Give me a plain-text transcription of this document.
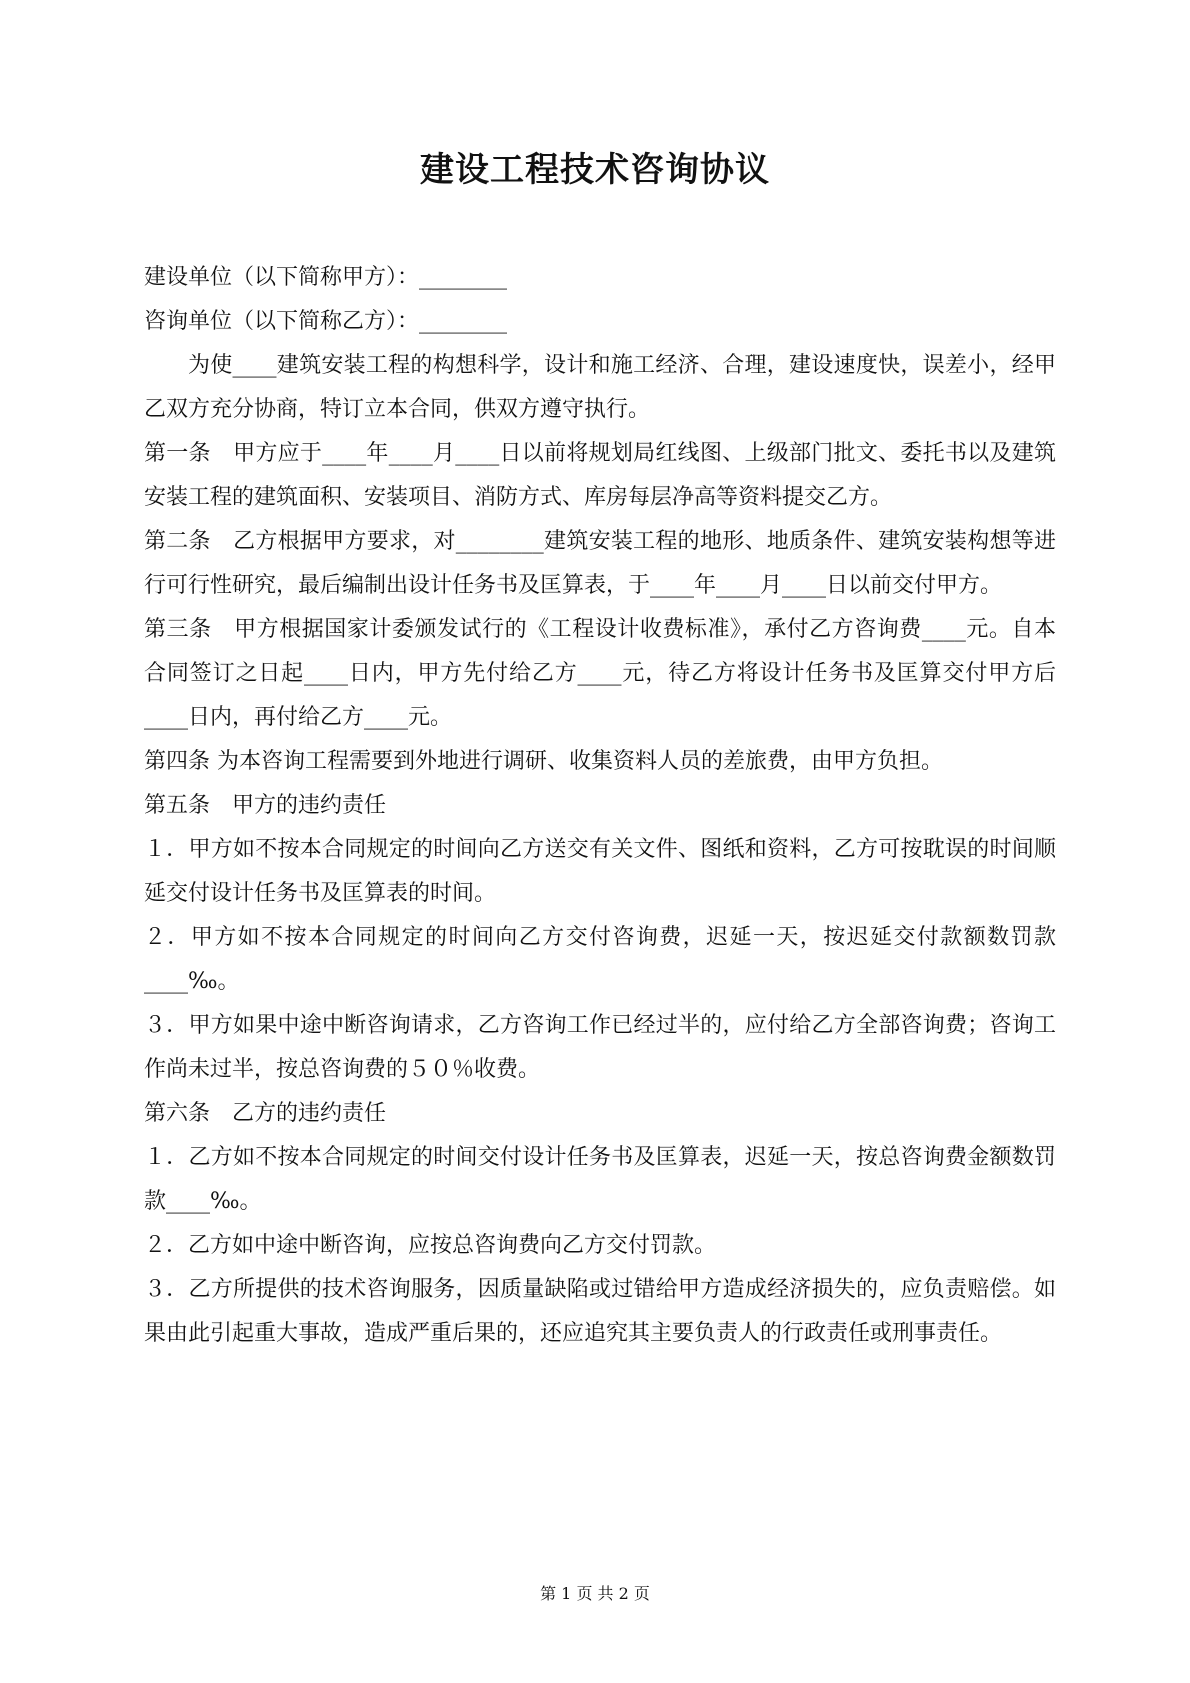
建设工程技术咨询协议

建设单位（以下简称甲方）：________

咨询单位（以下简称乙方）：________

为使____建筑安装工程的构想科学，设计和施工经济、合理，建设速度快，误差小，经甲乙双方充分协商，特订立本合同，供双方遵守执行。

第一条　甲方应于____年____月____日以前将规划局红线图、上级部门批文、委托书以及建筑安装工程的建筑面积、安装项目、消防方式、库房每层净高等资料提交乙方。

第二条　乙方根据甲方要求，对________建筑安装工程的地形、地质条件、建筑安装构想等进行可行性研究，最后编制出设计任务书及匡算表，于____年____月____日以前交付甲方。

第三条　甲方根据国家计委颁发试行的《工程设计收费标准》，承付乙方咨询费____元。自本合同签订之日起____日内，甲方先付给乙方____元，待乙方将设计任务书及匡算交付甲方后____日内，再付给乙方____元。

第四条 为本咨询工程需要到外地进行调研、收集资料人员的差旅费，由甲方负担。

第五条　甲方的违约责任

１．甲方如不按本合同规定的时间向乙方送交有关文件、图纸和资料，乙方可按耽误的时间顺延交付设计任务书及匡算表的时间。

２．甲方如不按本合同规定的时间向乙方交付咨询费，迟延一天，按迟延交付款额数罚款____‰。

３．甲方如果中途中断咨询请求，乙方咨询工作已经过半的，应付给乙方全部咨询费；咨询工作尚未过半，按总咨询费的５０％收费。

第六条　乙方的违约责任

１．乙方如不按本合同规定的时间交付设计任务书及匡算表，迟延一天，按总咨询费金额数罚款____‰。

２．乙方如中途中断咨询，应按总咨询费向乙方交付罚款。

３．乙方所提供的技术咨询服务，因质量缺陷或过错给甲方造成经济损失的，应负责赔偿。如果由此引起重大事故，造成严重后果的，还应追究其主要负责人的行政责任或刑事责任。

第 1 页 共 2 页
